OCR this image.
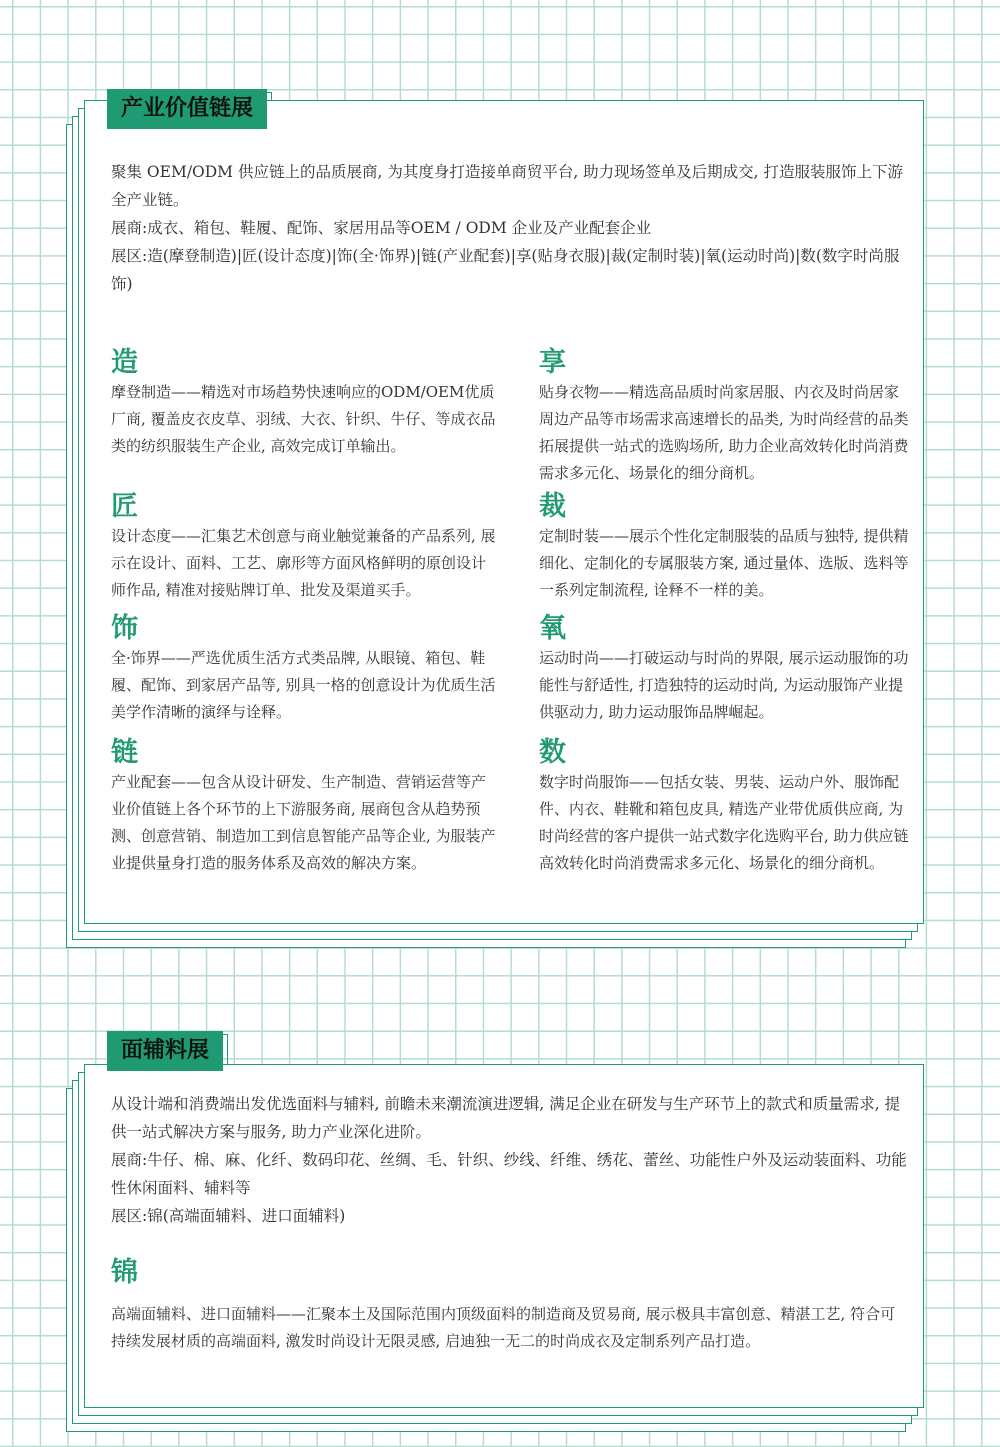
产业价值链展

聚集 OEM/ODM 供应链上的品质展商, 为其度身打造接单商贸平台, 助力现场签单及后期成交, 打造服装服饰上下游全产业链。

展商:成衣、箱包、鞋履、配饰、家居用品等OEM / ODM 企业及产业配套企业

展区:造(摩登制造)|匠(设计态度)|饰(全·饰界)|链(产业配套)|享(贴身衣服)|裁(定制时装)|氧(运动时尚)|数(数字时尚服饰)

造
摩登制造——精选对市场趋势快速响应的ODM/OEM优质厂商, 覆盖皮衣皮草、羽绒、大衣、针织、牛仔、等成衣品类的纺织服装生产企业, 高效完成订单输出。
匠
设计态度——汇集艺术创意与商业触觉兼备的产品系列, 展示在设计、面料、工艺、廓形等方面风格鲜明的原创设计师作品, 精准对接贴牌订单、批发及渠道买手。
饰
全·饰界——严选优质生活方式类品牌, 从眼镜、箱包、鞋履、配饰、到家居产品等, 别具一格的创意设计为优质生活美学作清晰的演绎与诠释。
链
产业配套——包含从设计研发、生产制造、营销运营等产业价值链上各个环节的上下游服务商, 展商包含从趋势预测、创意营销、制造加工到信息智能产品等企业, 为服装产业提供量身打造的服务体系及高效的解决方案。
享
贴身衣物——精选高品质时尚家居服、内衣及时尚居家周边产品等市场需求高速增长的品类, 为时尚经营的品类拓展提供一站式的选购场所, 助力企业高效转化时尚消费需求多元化、场景化的细分商机。
裁
定制时装——展示个性化定制服装的品质与独特, 提供精细化、定制化的专属服装方案, 通过量体、选版、选料等一系列定制流程, 诠释不一样的美。
氧
运动时尚——打破运动与时尚的界限, 展示运动服饰的功能性与舒适性, 打造独特的运动时尚, 为运动服饰产业提供驱动力, 助力运动服饰品牌崛起。
数
数字时尚服饰——包括女装、男装、运动户外、服饰配件、内衣、鞋靴和箱包皮具, 精选产业带优质供应商, 为时尚经营的客户提供一站式数字化选购平台, 助力供应链高效转化时尚消费需求多元化、场景化的细分商机。
面辅料展

从设计端和消费端出发优选面料与辅料, 前瞻未来潮流演进逻辑, 满足企业在研发与生产环节上的款式和质量需求, 提供一站式解决方案与服务, 助力产业深化进阶。

展商:牛仔、棉、麻、化纤、数码印花、丝绸、毛、针织、纱线、纤维、绣花、蕾丝、功能性户外及运动装面料、功能性休闲面料、辅料等

展区:锦(高端面辅料、进口面辅料)

锦
高端面辅料、进口面辅料——汇聚本土及国际范围内顶级面料的制造商及贸易商, 展示极具丰富创意、精湛工艺, 符合可持续发展材质的高端面料, 激发时尚设计无限灵感, 启迪独一无二的时尚成衣及定制系列产品打造。
